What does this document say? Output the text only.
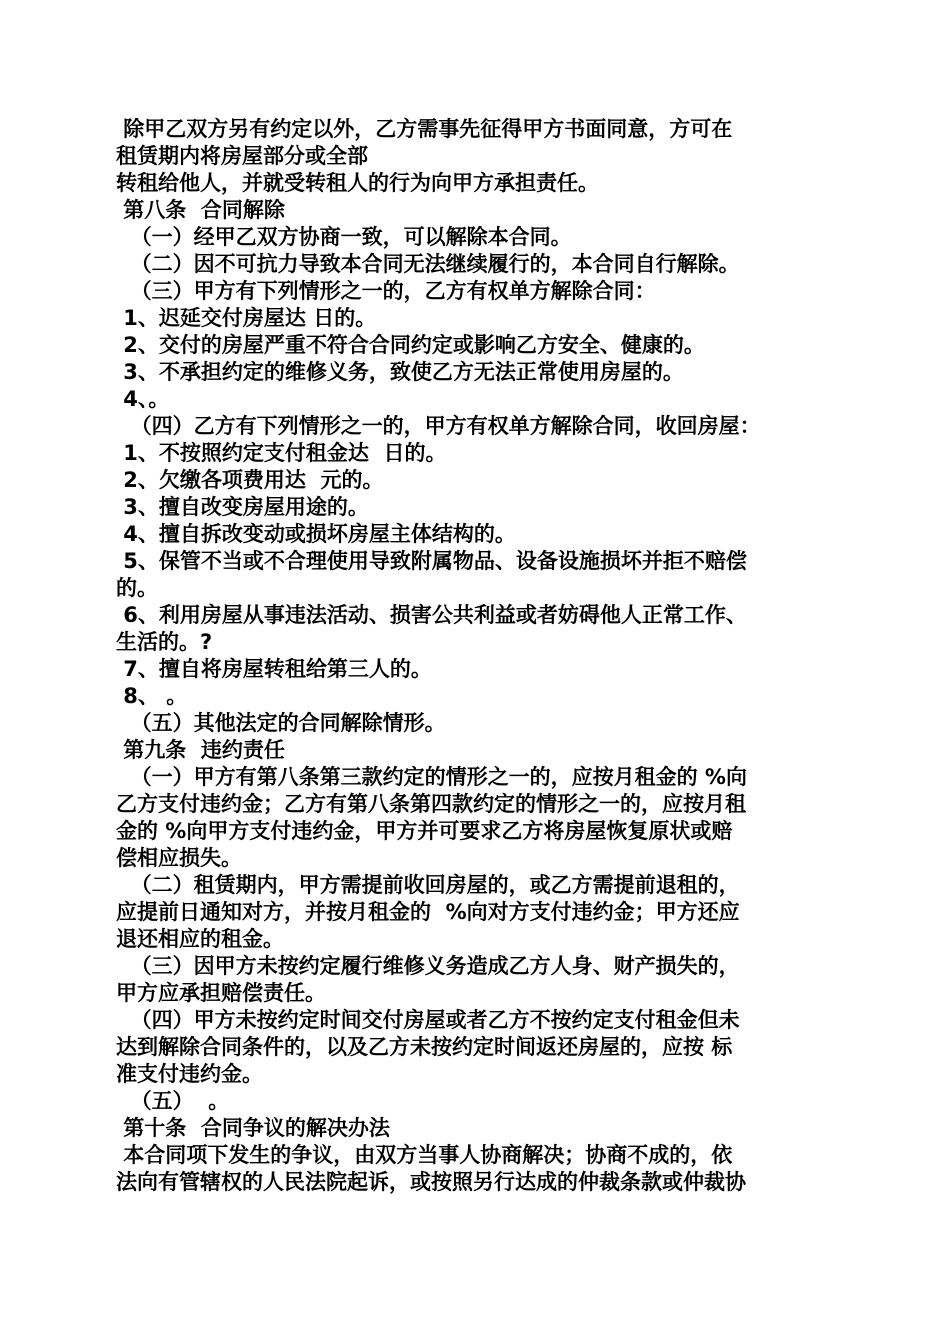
除甲乙双方另有约定以外，乙方需事先征得甲方书面同意，方可在
租赁期内将房屋部分或全部
转租给他人，并就受转租人的行为向甲方承担责任。
第八条  合同解除
（一）经甲乙双方协商一致，可以解除本合同。
（二）因不可抗力导致本合同无法继续履行的，本合同自行解除。
（三）甲方有下列情形之一的，乙方有权单方解除合同：
1、迟延交付房屋达 日的。
2、交付的房屋严重不符合合同约定或影响乙方安全、健康的。
3、不承担约定的维修义务，致使乙方无法正常使用房屋的。
4、。
（四）乙方有下列情形之一的，甲方有权单方解除合同，收回房屋：
1、不按照约定支付租金达  日的。
2、欠缴各项费用达  元的。
3、擅自改变房屋用途的。
4、擅自拆改变动或损坏房屋主体结构的。
5、保管不当或不合理使用导致附属物品、设备设施损坏并拒不赔偿
的。
6、利用房屋从事违法活动、损害公共利益或者妨碍他人正常工作、
生活的。?
7、擅自将房屋转租给第三人的。
8、 。
（五）其他法定的合同解除情形。
第九条  违约责任
（一）甲方有第八条第三款约定的情形之一的，应按月租金的 %向
乙方支付违约金；乙方有第八条第四款约定的情形之一的，应按月租
金的 %向甲方支付违约金，甲方并可要求乙方将房屋恢复原状或赔
偿相应损失。
（二）租赁期内，甲方需提前收回房屋的，或乙方需提前退租的，
应提前日通知对方，并按月租金的  %向对方支付违约金；甲方还应
退还相应的租金。
（三）因甲方未按约定履行维修义务造成乙方人身、财产损失的，
甲方应承担赔偿责任。
（四）甲方未按约定时间交付房屋或者乙方不按约定支付租金但未
达到解除合同条件的，以及乙方未按约定时间返还房屋的，应按 标
准支付违约金。
（五）  。
第十条  合同争议的解决办法
本合同项下发生的争议，由双方当事人协商解决；协商不成的，依
法向有管辖权的人民法院起诉，或按照另行达成的仲裁条款或仲裁协
